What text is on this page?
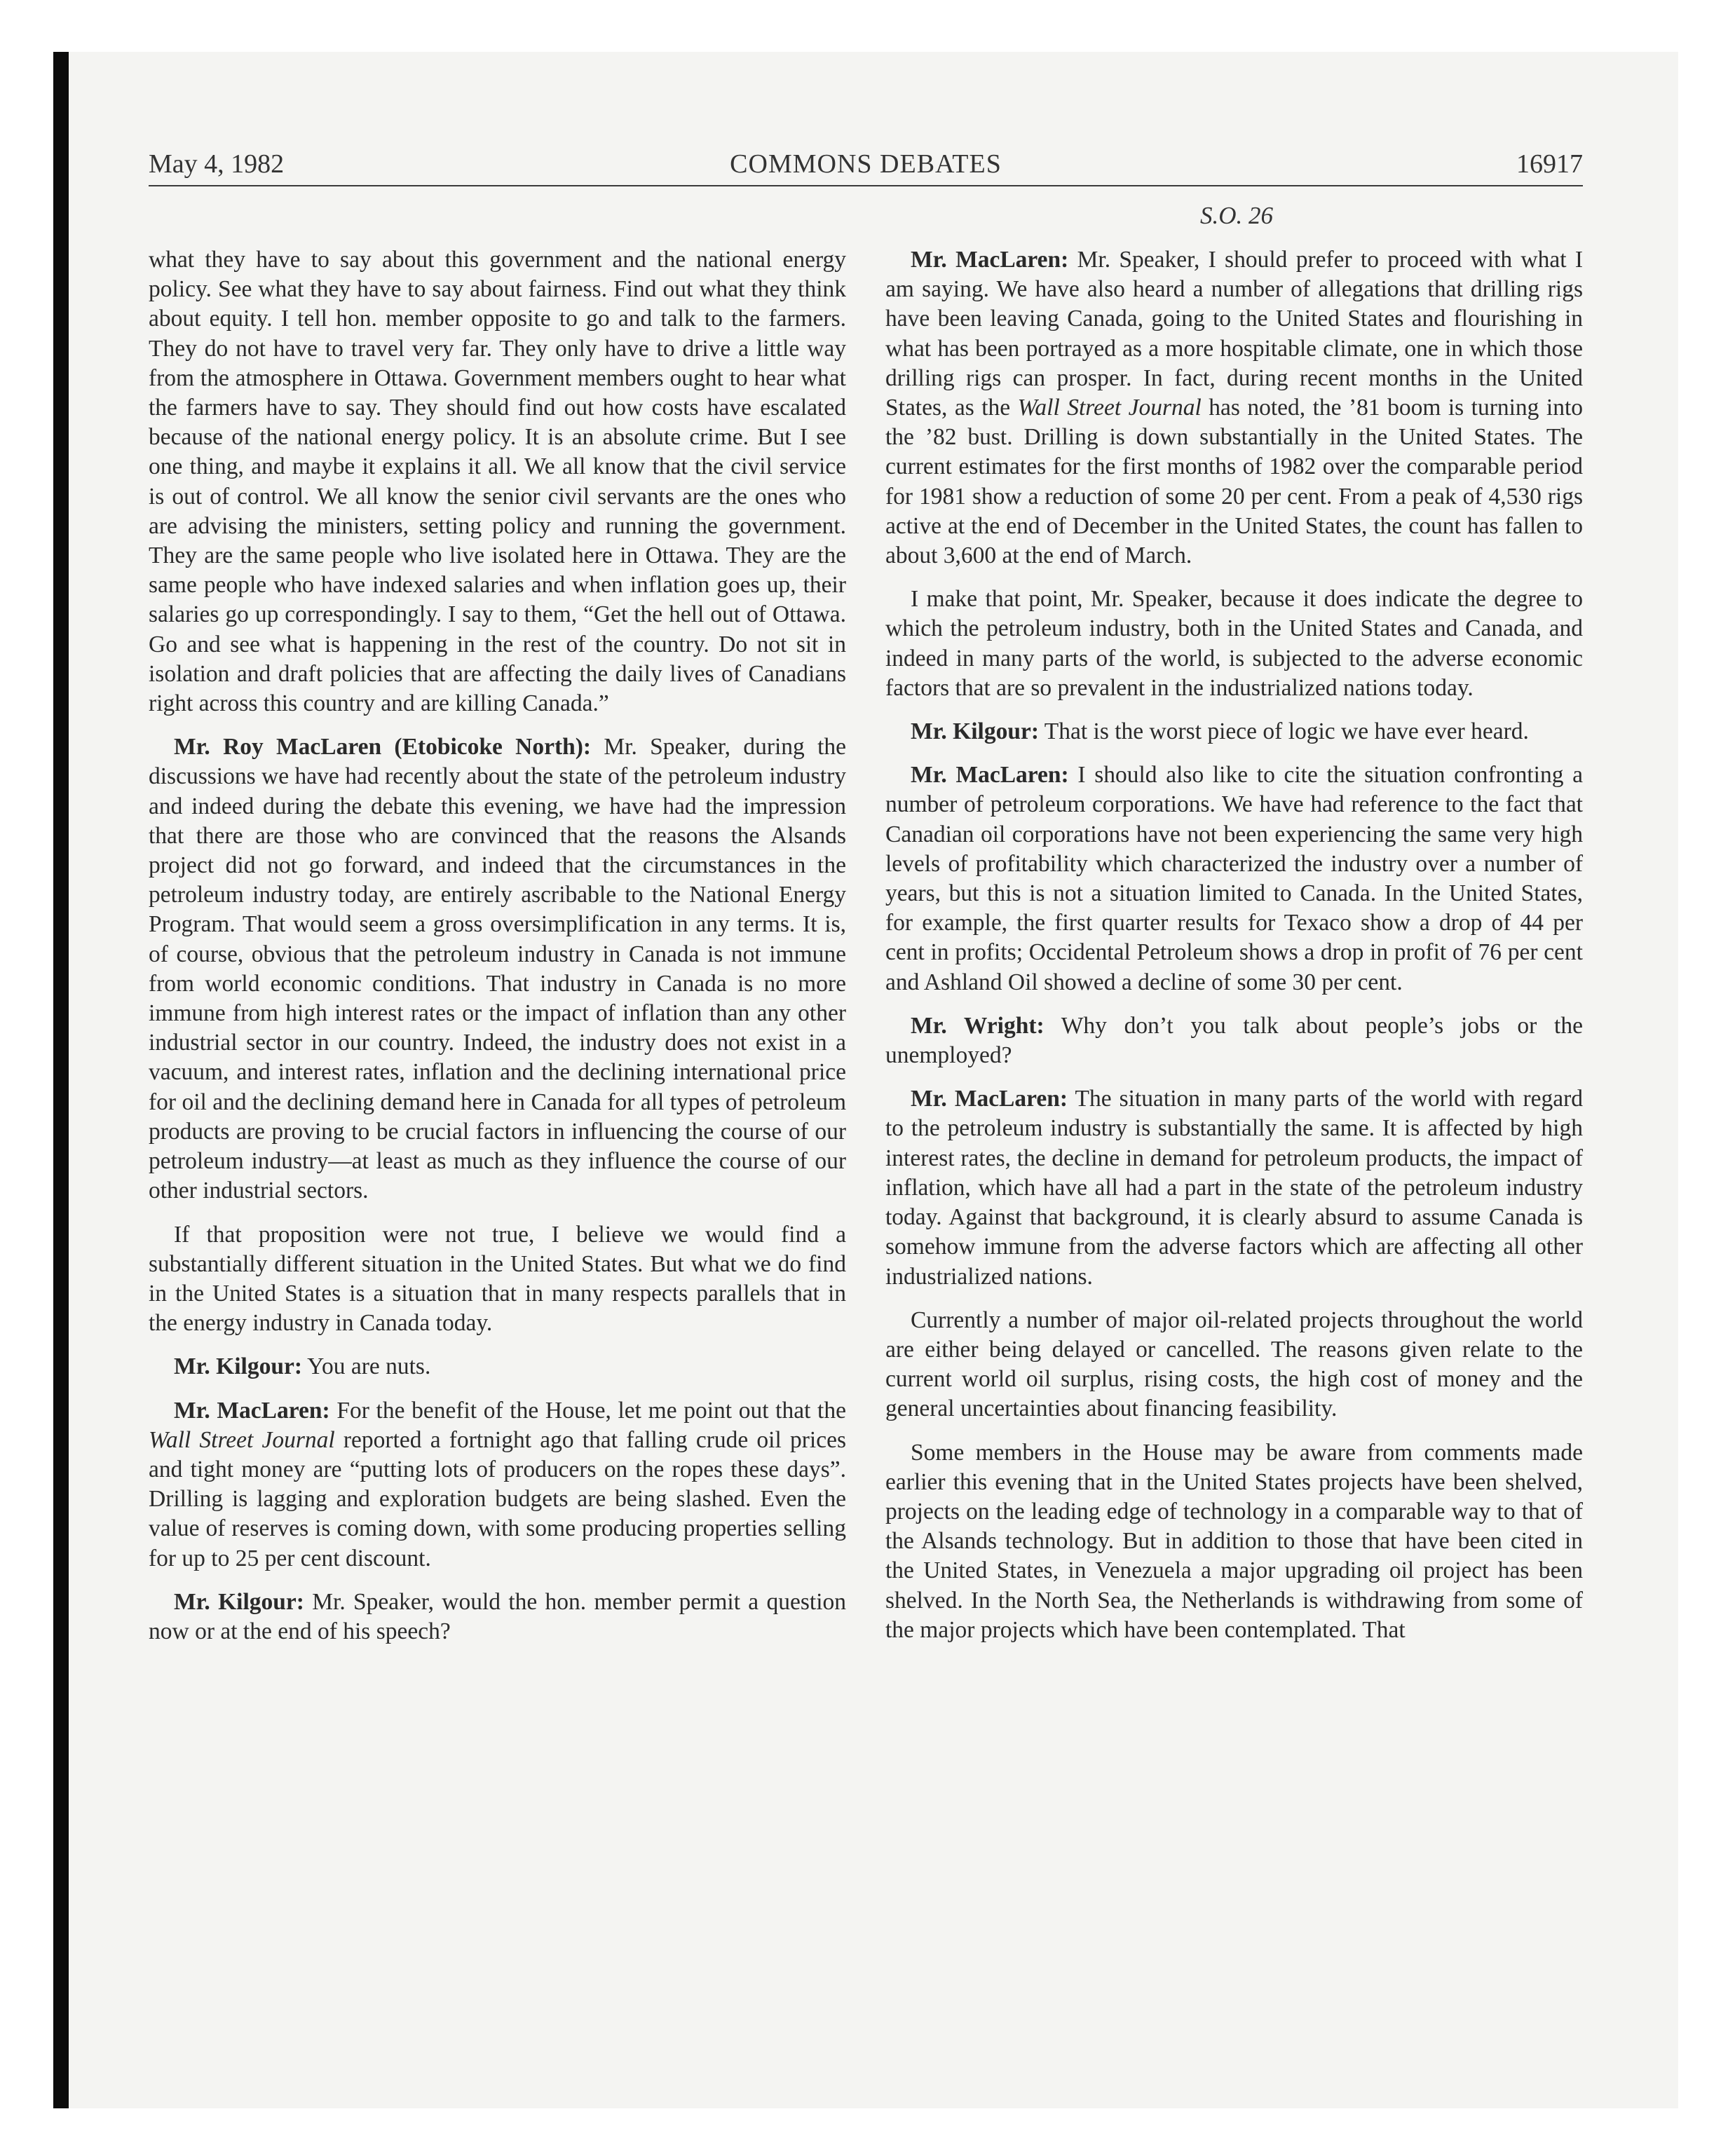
May 4, 1982	COMMONS DEBATES	16917
S.O. 26

what they have to say about this government and the national energy policy. See what they have to say about fairness. Find out what they think about equity. I tell hon. member opposite to go and talk to the farmers. They do not have to travel very far. They only have to drive a little way from the atmosphere in Ottawa. Government members ought to hear what the farmers have to say. They should find out how costs have escalated because of the national energy policy. It is an absolute crime. But I see one thing, and maybe it explains it all. We all know that the civil service is out of control. We all know the senior civil servants are the ones who are advising the ministers, setting policy and running the government. They are the same people who live isolated here in Ottawa. They are the same people who have indexed salaries and when inflation goes up, their salaries go up correspondingly. I say to them, “Get the hell out of Ottawa. Go and see what is happening in the rest of the country. Do not sit in isolation and draft policies that are affecting the daily lives of Canadians right across this country and are killing Canada.”

Mr. Roy MacLaren (Etobicoke North): Mr. Speaker, during the discussions we have had recently about the state of the petroleum industry and indeed during the debate this evening, we have had the impression that there are those who are convinced that the reasons the Alsands project did not go forward, and indeed that the circumstances in the petroleum industry today, are entirely ascribable to the National Energy Program. That would seem a gross oversimplification in any terms. It is, of course, obvious that the petroleum industry in Canada is not immune from world economic conditions. That industry in Canada is no more immune from high interest rates or the impact of inflation than any other industrial sector in our country. Indeed, the industry does not exist in a vacuum, and interest rates, inflation and the declining international price for oil and the declining demand here in Canada for all types of petroleum products are proving to be crucial factors in influencing the course of our petroleum industry—at least as much as they influence the course of our other industrial sectors.

If that proposition were not true, I believe we would find a substantially different situation in the United States. But what we do find in the United States is a situation that in many respects parallels that in the energy industry in Canada today.

Mr. Kilgour: You are nuts.

Mr. MacLaren: For the benefit of the House, let me point out that the Wall Street Journal reported a fortnight ago that falling crude oil prices and tight money are “putting lots of producers on the ropes these days”. Drilling is lagging and exploration budgets are being slashed. Even the value of reserves is coming down, with some producing properties selling for up to 25 per cent discount.

Mr. Kilgour: Mr. Speaker, would the hon. member permit a question now or at the end of his speech?

Mr. MacLaren: Mr. Speaker, I should prefer to proceed with what I am saying. We have also heard a number of allegations that drilling rigs have been leaving Canada, going to the United States and flourishing in what has been portrayed as a more hospitable climate, one in which those drilling rigs can prosper. In fact, during recent months in the United States, as the Wall Street Journal has noted, the ’81 boom is turning into the ’82 bust. Drilling is down substantially in the United States. The current estimates for the first months of 1982 over the comparable period for 1981 show a reduction of some 20 per cent. From a peak of 4,530 rigs active at the end of December in the United States, the count has fallen to about 3,600 at the end of March.

I make that point, Mr. Speaker, because it does indicate the degree to which the petroleum industry, both in the United States and Canada, and indeed in many parts of the world, is subjected to the adverse economic factors that are so prevalent in the industrialized nations today.

Mr. Kilgour: That is the worst piece of logic we have ever heard.

Mr. MacLaren: I should also like to cite the situation confronting a number of petroleum corporations. We have had reference to the fact that Canadian oil corporations have not been experiencing the same very high levels of profitability which characterized the industry over a number of years, but this is not a situation limited to Canada. In the United States, for example, the first quarter results for Texaco show a drop of 44 per cent in profits; Occidental Petroleum shows a drop in profit of 76 per cent and Ashland Oil showed a decline of some 30 per cent.

Mr. Wright: Why don’t you talk about people’s jobs or the unemployed?

Mr. MacLaren: The situation in many parts of the world with regard to the petroleum industry is substantially the same. It is affected by high interest rates, the decline in demand for petroleum products, the impact of inflation, which have all had a part in the state of the petroleum industry today. Against that background, it is clearly absurd to assume Canada is somehow immune from the adverse factors which are affecting all other industrialized nations.

Currently a number of major oil-related projects throughout the world are either being delayed or cancelled. The reasons given relate to the current world oil surplus, rising costs, the high cost of money and the general uncertainties about financing feasibility.

Some members in the House may be aware from comments made earlier this evening that in the United States projects have been shelved, projects on the leading edge of technology in a comparable way to that of the Alsands technology. But in addition to those that have been cited in the United States, in Venezuela a major upgrading oil project has been shelved. In the North Sea, the Netherlands is withdrawing from some of the major projects which have been contemplated. That
